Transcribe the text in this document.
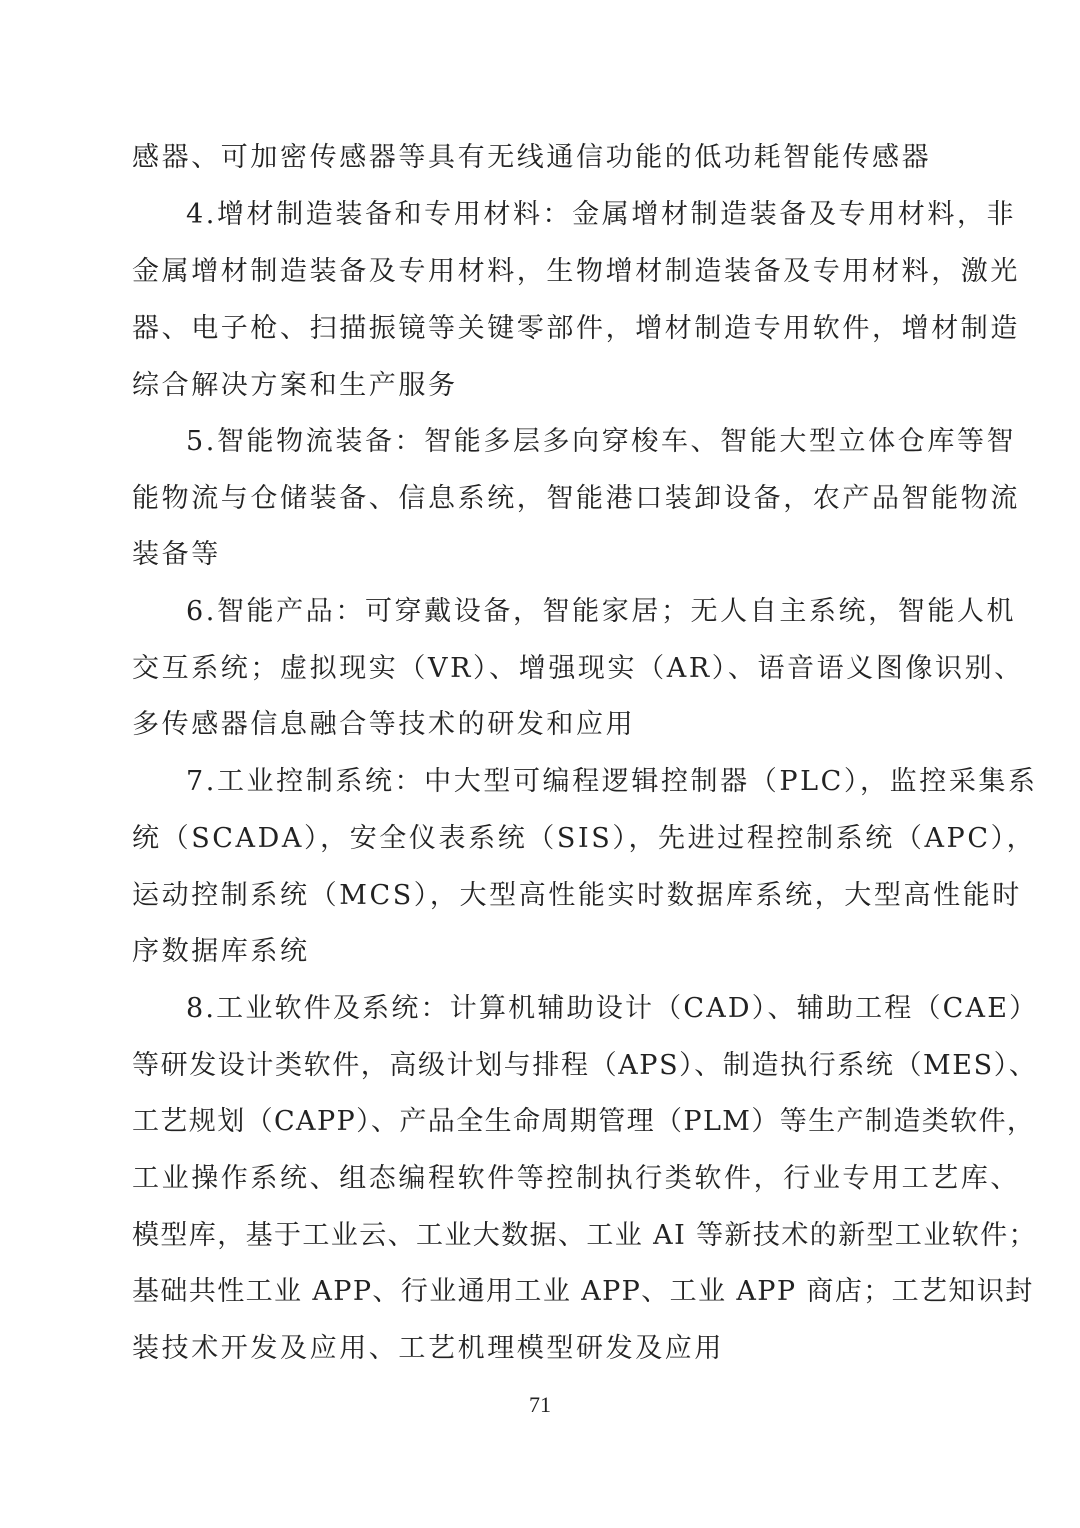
感器、可加密传感器等具有无线通信功能的低功耗智能传感器
4.增材制造装备和专用材料：金属增材制造装备及专用材料，非
金属增材制造装备及专用材料，生物增材制造装备及专用材料，激光
器、电子枪、扫描振镜等关键零部件，增材制造专用软件，增材制造
综合解决方案和生产服务
5.智能物流装备：智能多层多向穿梭车、智能大型立体仓库等智
能物流与仓储装备、信息系统，智能港口装卸设备，农产品智能物流
装备等
6.智能产品：可穿戴设备，智能家居；无人自主系统，智能人机
交互系统；虚拟现实（VR）、增强现实（AR）、语音语义图像识别、
多传感器信息融合等技术的研发和应用
7.工业控制系统：中大型可编程逻辑控制器（PLC），监控采集系
统（SCADA），安全仪表系统（SIS），先进过程控制系统（APC），
运动控制系统（MCS），大型高性能实时数据库系统，大型高性能时
序数据库系统
8.工业软件及系统：计算机辅助设计（CAD）、辅助工程（CAE）
等研发设计类软件，高级计划与排程（APS）、制造执行系统（MES）、
工艺规划（CAPP）、产品全生命周期管理（PLM）等生产制造类软件，
工业操作系统、组态编程软件等控制执行类软件，行业专用工艺库、
模型库，基于工业云、工业大数据、工业 AI 等新技术的新型工业软件；
基础共性工业 APP、行业通用工业 APP、工业 APP 商店；工艺知识封
装技术开发及应用、工艺机理模型研发及应用
71
